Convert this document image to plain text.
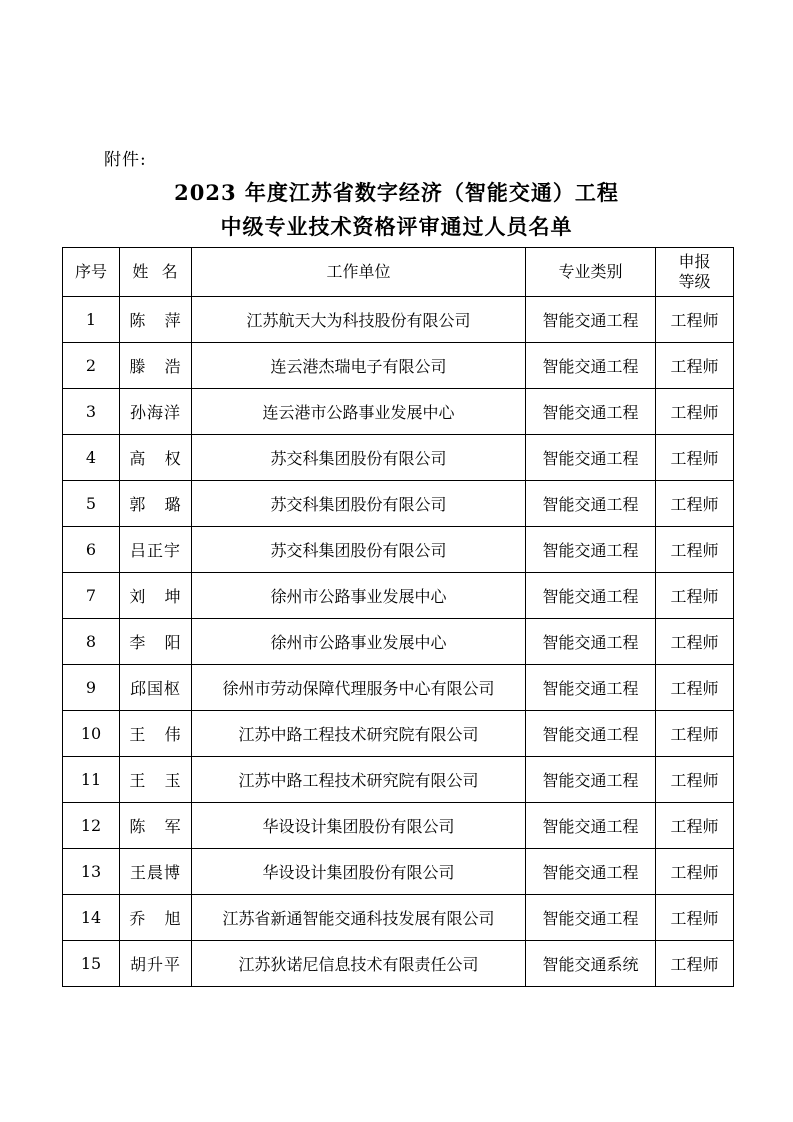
附件:
2023 年度江苏省数字经济（智能交通）工程
中级专业技术资格评审通过人员名单
序号	姓  名	工作单位	专业类别	申报
等级

1	陈   萍	江苏航天大为科技股份有限公司	智能交通工程	工程师
2	滕   浩	连云港杰瑞电子有限公司	智能交通工程	工程师
3	孙海洋	连云港市公路事业发展中心	智能交通工程	工程师
4	高   权	苏交科集团股份有限公司	智能交通工程	工程师
5	郭   璐	苏交科集团股份有限公司	智能交通工程	工程师
6	吕正宇	苏交科集团股份有限公司	智能交通工程	工程师
7	刘   坤	徐州市公路事业发展中心	智能交通工程	工程师
8	李   阳	徐州市公路事业发展中心	智能交通工程	工程师
9	邱国枢	徐州市劳动保障代理服务中心有限公司	智能交通工程	工程师
10	王   伟	江苏中路工程技术研究院有限公司	智能交通工程	工程师
11	王   玉	江苏中路工程技术研究院有限公司	智能交通工程	工程师
12	陈   军	华设设计集团股份有限公司	智能交通工程	工程师
13	王晨博	华设设计集团股份有限公司	智能交通工程	工程师
14	乔   旭	江苏省新通智能交通科技发展有限公司	智能交通工程	工程师
15	胡升平	江苏狄诺尼信息技术有限责任公司	智能交通系统	工程师
